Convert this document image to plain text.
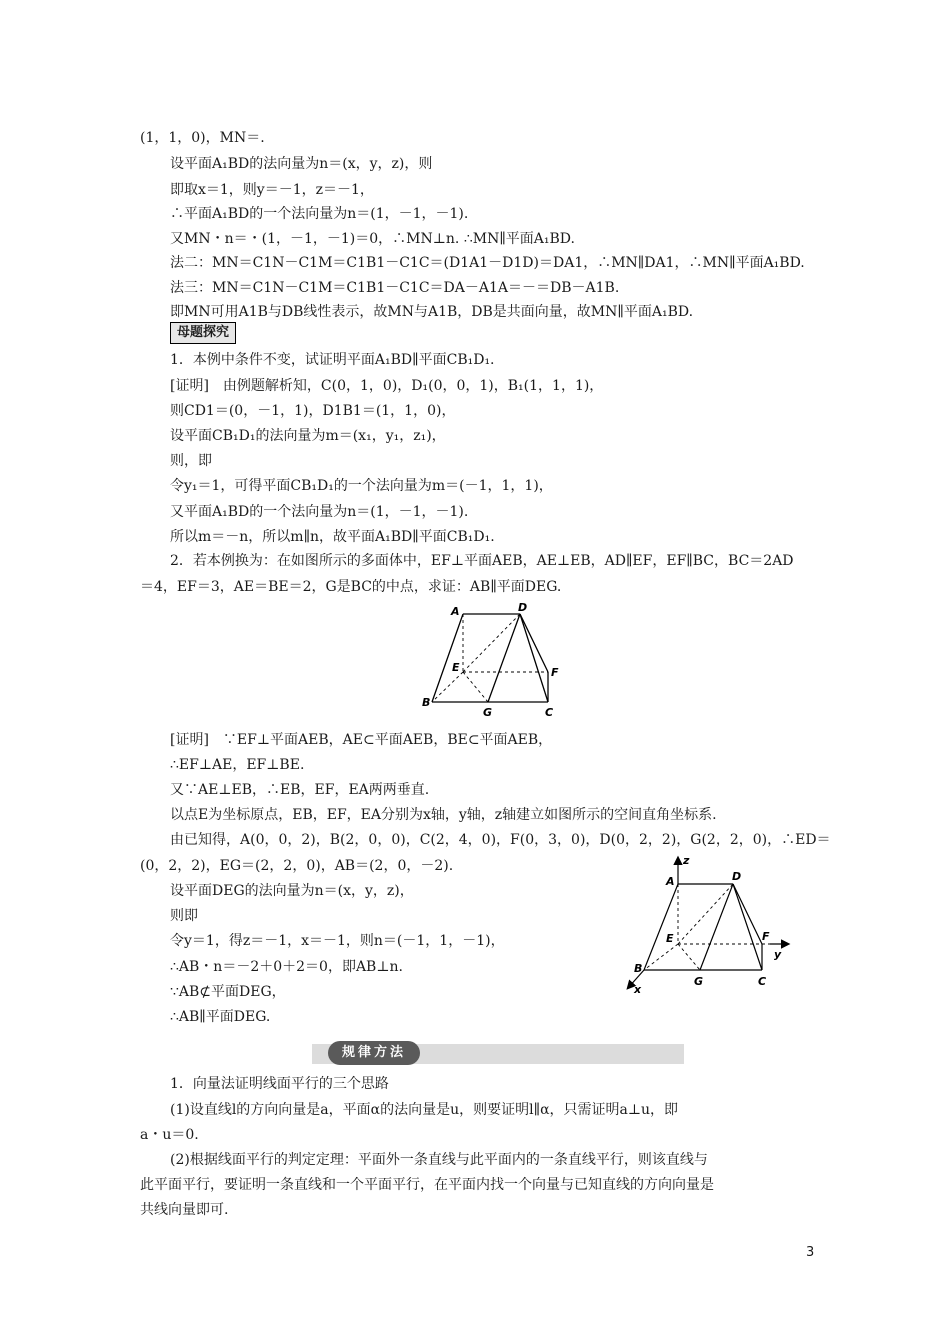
(1，1，0)，MN＝.
设平面A₁BD的法向量为n＝(x，y，z)，则
即取x＝1，则y＝－1，z＝－1，
∴平面A₁BD的一个法向量为n＝(1，－1，－1).
又MN・n＝・(1，－1，－1)＝0，∴MN⊥n. ∴MN∥平面A₁BD.
法二：MN＝C1N－C1M＝C1B1－C1C＝(D1A1－D1D)＝DA1，∴MN∥DA1，∴MN∥平面A₁BD.
法三：MN＝C1N－C1M＝C1B1－C1C＝DA－A1A＝－＝DB－A1B.
即MN可用A1B与DB线性表示，故MN与A1B，DB是共面向量，故MN∥平面A₁BD.
母题探究
1．本例中条件不变，试证明平面A₁BD∥平面CB₁D₁.
[证明]　由例题解析知，C(0，1，0)，D₁(0，0，1)，B₁(1，1，1)，
则CD1＝(0，－1，1)，D1B1＝(1，1，0)，
设平面CB₁D₁的法向量为m＝(x₁，y₁，z₁)，
则，即
令y₁＝1，可得平面CB₁D₁的一个法向量为m＝(－1，1，1)，
又平面A₁BD的一个法向量为n＝(1，－1，－1).
所以m＝－n，所以m∥n，故平面A₁BD∥平面CB₁D₁.
2．若本例换为：在如图所示的多面体中，EF⊥平面AEB，AE⊥EB，AD∥EF，EF∥BC，BC＝2AD
＝4，EF＝3，AE＝BE＝2，G是BC的中点，求证：AB∥平面DEG.
A	D
E	F
B
G	C
[证明]　∵EF⊥平面AEB，AE⊂平面AEB，BE⊂平面AEB，
∴EF⊥AE，EF⊥BE.
又∵AE⊥EB，∴EB，EF，EA两两垂直.
以点E为坐标原点，EB，EF，EA分别为x轴，y轴，z轴建立如图所示的空间直角坐标系.
由已知得，A(0，0，2)，B(2，0，0)，C(2，4，0)，F(0，3，0)，D(0，2，2)，G(2，2，0)，∴ED＝
(0，2，2)，EG＝(2，2，0)，AB＝(2，0，－2).
设平面DEG的法向量为n＝(x，y，z)，
则即
令y＝1，得z＝－1，x＝－1，则n＝(－1，1，－1)，
∴AB・n＝－2＋0＋2＝0，即AB⊥n.
∵AB⊄平面DEG，
∴AB∥平面DEG.
z
A	D
E	F
y
B
G	C
x
规律方法
1．向量法证明线面平行的三个思路
(1)设直线l的方向向量是a，平面α的法向量是u，则要证明l∥α，只需证明a⊥u，即
a・u＝0.
(2)根据线面平行的判定定理：平面外一条直线与此平面内的一条直线平行，则该直线与
此平面平行，要证明一条直线和一个平面平行，在平面内找一个向量与已知直线的方向向量是
共线向量即可.
3
